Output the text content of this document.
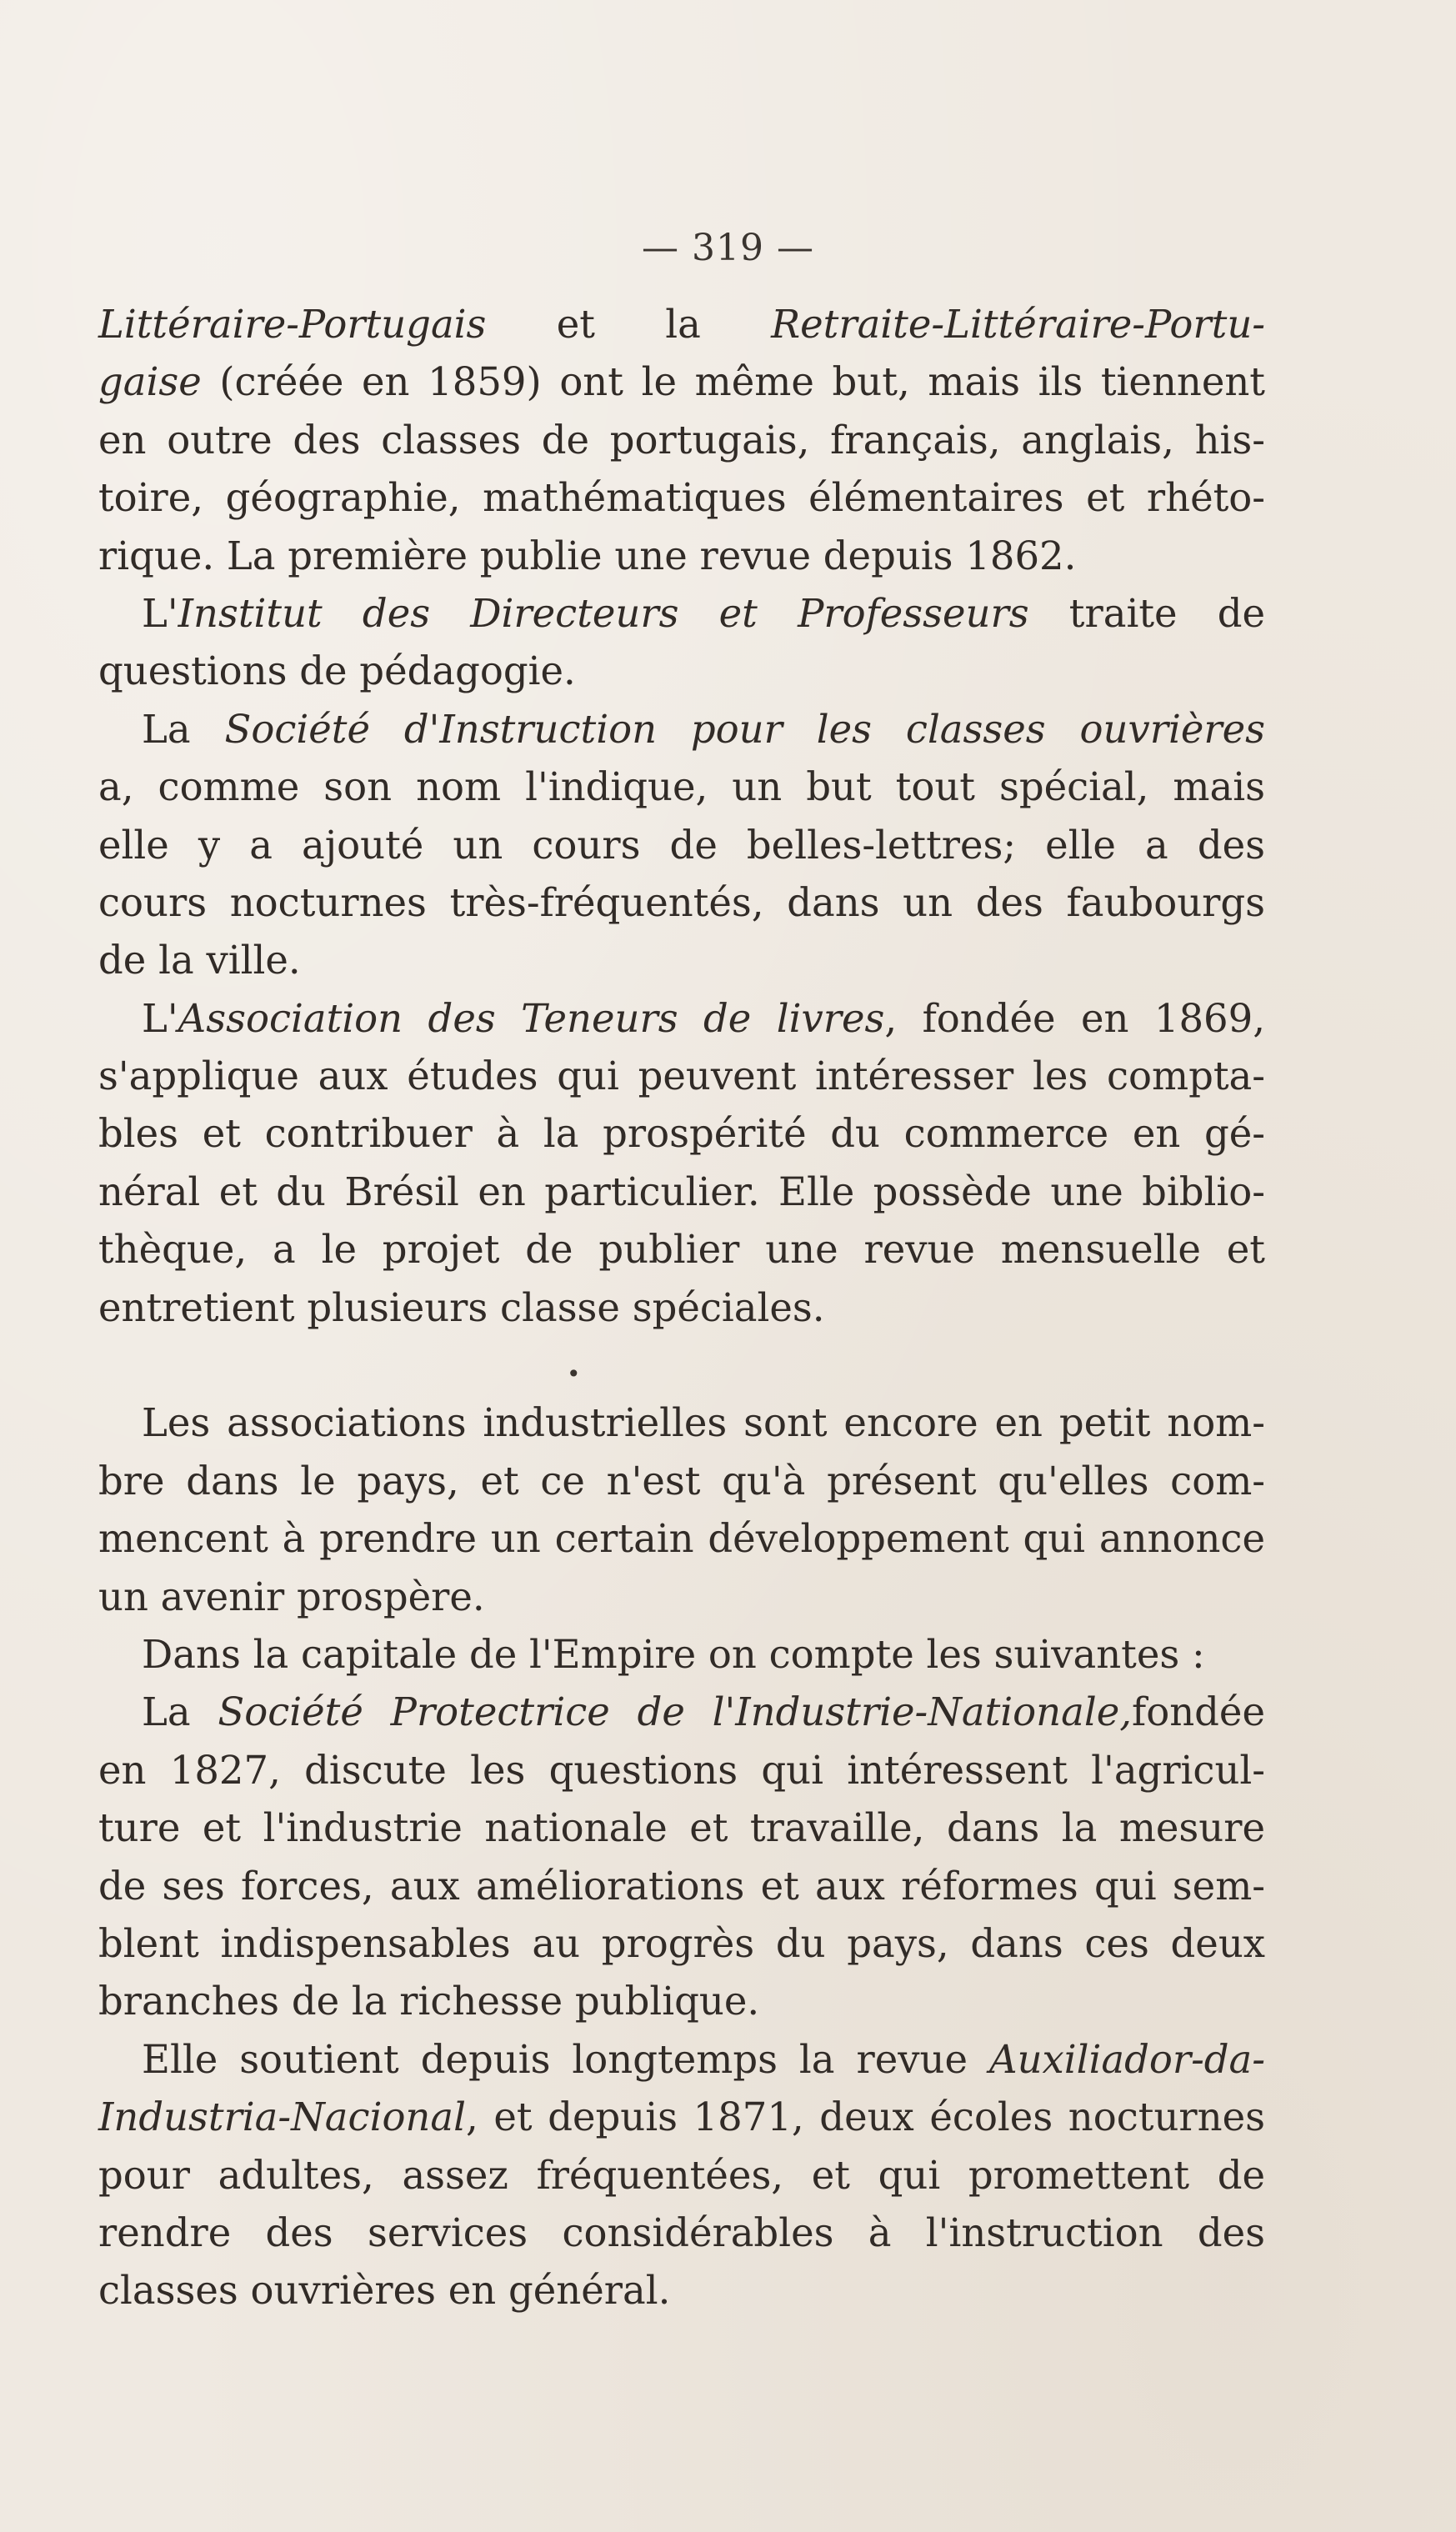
— 319 —
Littéraire-Portugais et la Retraite-Littéraire-Portu-
gaise (créée en 1859) ont le même but, mais ils tiennent
en outre des classes de portugais, français, anglais, his-
toire, géographie, mathématiques élémentaires et rhéto-
rique. La première publie une revue depuis 1862.
L'Institut des Directeurs et Professeurs traite de
questions de pédagogie.
La Société d'Instruction pour les classes ouvrières
a, comme son nom l'indique, un but tout spécial, mais
elle y a ajouté un cours de belles-lettres; elle a des
cours nocturnes très-fréquentés, dans un des faubourgs
de la ville.
L'Association des Teneurs de livres, fondée en 1869,
s'applique aux études qui peuvent intéresser les compta-
bles et contribuer à la prospérité du commerce en gé-
néral et du Brésil en particulier. Elle possède une biblio-
thèque, a le projet de publier une revue mensuelle et
entretient plusieurs classe spéciales.
•
Les associations industrielles sont encore en petit nom-
bre dans le pays, et ce n'est qu'à présent qu'elles com-
mencent à prendre un certain développement qui annonce
un avenir prospère.
Dans la capitale de l'Empire on compte les suivantes :
La Société Protectrice de l'Industrie-Nationale,fondée
en 1827, discute les questions qui intéressent l'agricul-
ture et l'industrie nationale et travaille, dans la mesure
de ses forces, aux améliorations et aux réformes qui sem-
blent indispensables au progrès du pays, dans ces deux
branches de la richesse publique.
Elle soutient depuis longtemps la revue Auxiliador-da-
Industria-Nacional, et depuis 1871, deux écoles nocturnes
pour adultes, assez fréquentées, et qui promettent de
rendre des services considérables à l'instruction des
classes ouvrières en général.
